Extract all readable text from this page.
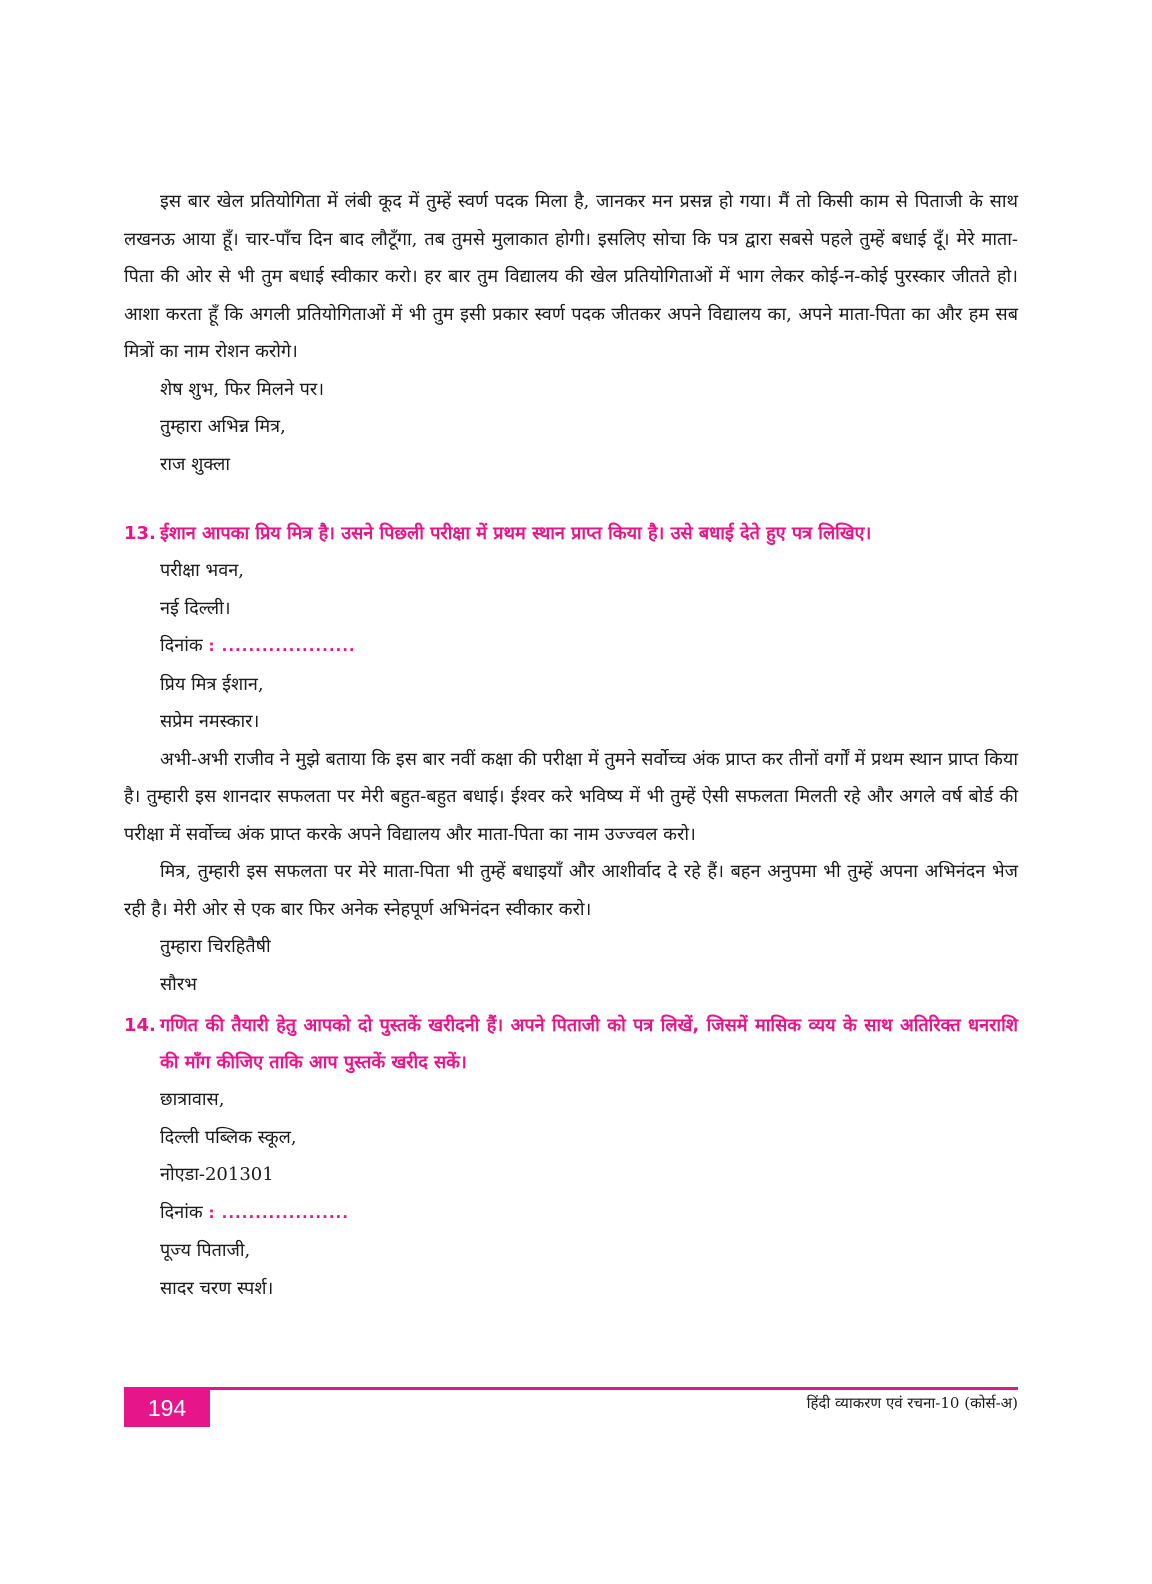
इस बार खेल प्रतियोगिता में लंबी कूद में तुम्हें स्वर्ण पदक मिला है, जानकर मन प्रसन्न हो गया। मैं तो किसी काम से पिताजी के साथ लखनऊ आया हूँ। चार-पाँच दिन बाद लौटूँगा, तब तुमसे मुलाकात होगी। इसलिए सोचा कि पत्र द्वारा सबसे पहले तुम्हें बधाई दूँ। मेरे माता-पिता की ओर से भी तुम बधाई स्वीकार करो। हर बार तुम विद्यालय की खेल प्रतियोगिताओं में भाग लेकर कोई-न-कोई पुरस्कार जीतते हो। आशा करता हूँ कि अगली प्रतियोगिताओं में भी तुम इसी प्रकार स्वर्ण पदक जीतकर अपने विद्यालय का, अपने माता-पिता का और हम सब मित्रों का नाम रोशन करोगे।

शेष शुभ, फिर मिलने पर।

तुम्हारा अभिन्न मित्र,

राज शुक्ला

13. ईशान आपका प्रिय मित्र है। उसने पिछली परीक्षा में प्रथम स्थान प्राप्त किया है। उसे बधाई देते हुए पत्र लिखिए।

परीक्षा भवन,

नई दिल्ली।

दिनांक : ....................

प्रिय मित्र ईशान,

सप्रेम नमस्कार।

अभी-अभी राजीव ने मुझे बताया कि इस बार नवीं कक्षा की परीक्षा में तुमने सर्वोच्च अंक प्राप्त कर तीनों वर्गों में प्रथम स्थान प्राप्त किया है। तुम्हारी इस शानदार सफलता पर मेरी बहुत-बहुत बधाई। ईश्वर करे भविष्य में भी तुम्हें ऐसी सफलता मिलती रहे और अगले वर्ष बोर्ड की परीक्षा में सर्वोच्च अंक प्राप्त करके अपने विद्यालय और माता-पिता का नाम उज्ज्वल करो।

मित्र, तुम्हारी इस सफलता पर मेरे माता-पिता भी तुम्हें बधाइयाँ और आशीर्वाद दे रहे हैं। बहन अनुपमा भी तुम्हें अपना अभिनंदन भेज रही है। मेरी ओर से एक बार फिर अनेक स्नेहपूर्ण अभिनंदन स्वीकार करो।

तुम्हारा चिरहितैषी

सौरभ

14. गणित की तैयारी हेतु आपको दो पुस्तकें खरीदनी हैं। अपने पिताजी को पत्र लिखें, जिसमें मासिक व्यय के साथ अतिरिक्त धनराशि की माँग कीजिए ताकि आप पुस्तकें खरीद सकें।

छात्रावास,

दिल्ली पब्लिक स्कूल,

नोएडा-201301

दिनांक : ...................

पूज्य पिताजी,

सादर चरण स्पर्श।

194	हिंदी व्याकरण एवं रचना-10 (कोर्स-अ)
